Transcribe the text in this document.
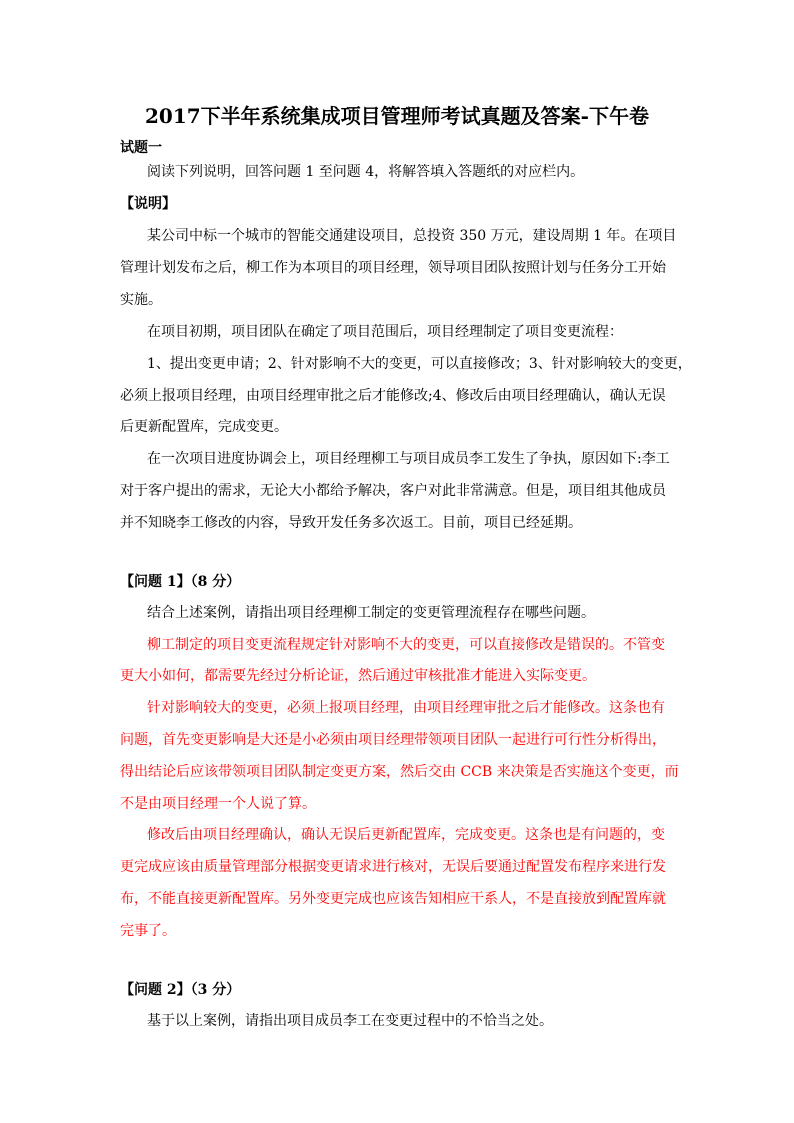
2017下半年系统集成项目管理师考试真题及答案-下午卷
试题一
阅读下列说明，回答问题 1 至问题 4，将解答填入答题纸的对应栏内。
【说明】
某公司中标一个城市的智能交通建设项目，总投资 350 万元，建设周期 1 年。在项目
管理计划发布之后，柳工作为本项目的项目经理，领导项目团队按照计划与任务分工开始
实施。
在项目初期，项目团队在确定了项目范围后，项目经理制定了项目变更流程：
1、提出变更申请；2、针对影响不大的变更，可以直接修改；3、针对影响较大的变更，
必须上报项目经理，由项目经理审批之后才能修改;4、修改后由项目经理确认，确认无误
后更新配置库，完成变更。
在一次项目进度协调会上，项目经理柳工与项目成员李工发生了争执，原因如下:李工
对于客户提出的需求，无论大小都给予解决，客户对此非常满意。但是，项目组其他成员
并不知晓李工修改的内容，导致开发任务多次返工。目前，项目已经延期。
【问题 1】（8 分）
结合上述案例，请指出项目经理柳工制定的变更管理流程存在哪些问题。
柳工制定的项目变更流程规定针对影响不大的变更，可以直接修改是错误的。不管变
更大小如何，都需要先经过分析论证，然后通过审核批准才能进入实际变更。
针对影响较大的变更，必须上报项目经理，由项目经理审批之后才能修改。这条也有
问题，首先变更影响是大还是小必须由项目经理带领项目团队一起进行可行性分析得出，
得出结论后应该带领项目团队制定变更方案，然后交由 CCB 来决策是否实施这个变更，而
不是由项目经理一个人说了算。
修改后由项目经理确认，确认无误后更新配置库，完成变更。这条也是有问题的，变
更完成应该由质量管理部分根据变更请求进行核对，无误后要通过配置发布程序来进行发
布，不能直接更新配置库。另外变更完成也应该告知相应干系人，不是直接放到配置库就
完事了。
【问题 2】（3 分）
基于以上案例，请指出项目成员李工在变更过程中的不恰当之处。
